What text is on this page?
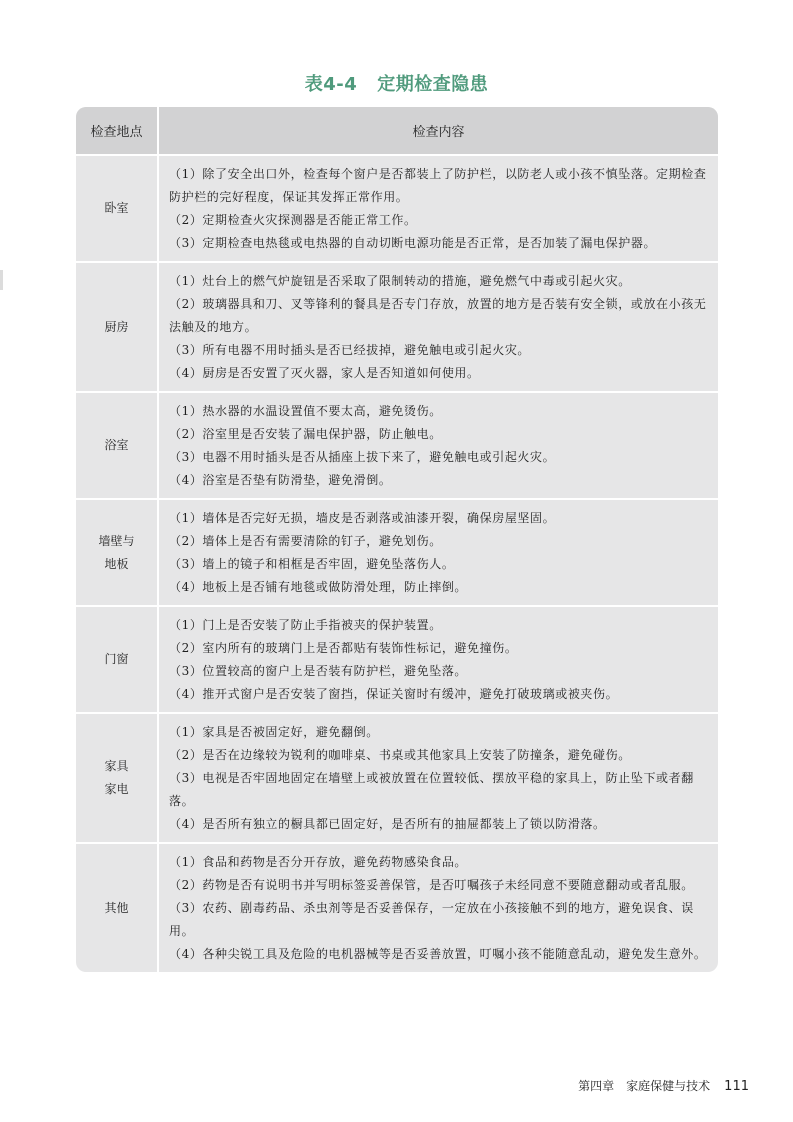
表4-4 定期检查隐患
检查地点	检查内容
卧室

（1）除了安全出口外，检查每个窗户是否都装上了防护栏，以防老人或小孩不慎坠落。定期检查防护栏的完好程度，保证其发挥正常作用。

（2）定期检查火灾探测器是否能正常工作。

（3）定期检查电热毯或电热器的自动切断电源功能是否正常，是否加装了漏电保护器。

厨房

（1）灶台上的燃气炉旋钮是否采取了限制转动的措施，避免燃气中毒或引起火灾。

（2）玻璃器具和刀、叉等锋利的餐具是否专门存放，放置的地方是否装有安全锁，或放在小孩无法触及的地方。

（3）所有电器不用时插头是否已经拔掉，避免触电或引起火灾。

（4）厨房是否安置了灭火器，家人是否知道如何使用。

浴室

（1）热水器的水温设置值不要太高，避免烫伤。

（2）浴室里是否安装了漏电保护器，防止触电。

（3）电器不用时插头是否从插座上拔下来了，避免触电或引起火灾。

（4）浴室是否垫有防滑垫，避免滑倒。

墙壁与
地板

（1）墙体是否完好无损，墙皮是否剥落或油漆开裂，确保房屋坚固。

（2）墙体上是否有需要清除的钉子，避免划伤。

（3）墙上的镜子和相框是否牢固，避免坠落伤人。

（4）地板上是否铺有地毯或做防滑处理，防止摔倒。

门窗

（1）门上是否安装了防止手指被夹的保护装置。

（2）室内所有的玻璃门上是否都贴有装饰性标记，避免撞伤。

（3）位置较高的窗户上是否装有防护栏，避免坠落。

（4）推开式窗户是否安装了窗挡，保证关窗时有缓冲，避免打破玻璃或被夹伤。

家具
家电

（1）家具是否被固定好，避免翻倒。

（2）是否在边缘较为锐利的咖啡桌、书桌或其他家具上安装了防撞条，避免碰伤。

（3）电视是否牢固地固定在墙壁上或被放置在位置较低、摆放平稳的家具上，防止坠下或者翻落。

（4）是否所有独立的橱具都已固定好，是否所有的抽屉都装上了锁以防滑落。

其他

（1）食品和药物是否分开存放，避免药物感染食品。

（2）药物是否有说明书并写明标签妥善保管，是否叮嘱孩子未经同意不要随意翻动或者乱服。

（3）农药、剧毒药品、杀虫剂等是否妥善保存，一定放在小孩接触不到的地方，避免误食、误用。

（4）各种尖锐工具及危险的电机器械等是否妥善放置，叮嘱小孩不能随意乱动，避免发生意外。

第四章　家庭保健与技术 111
